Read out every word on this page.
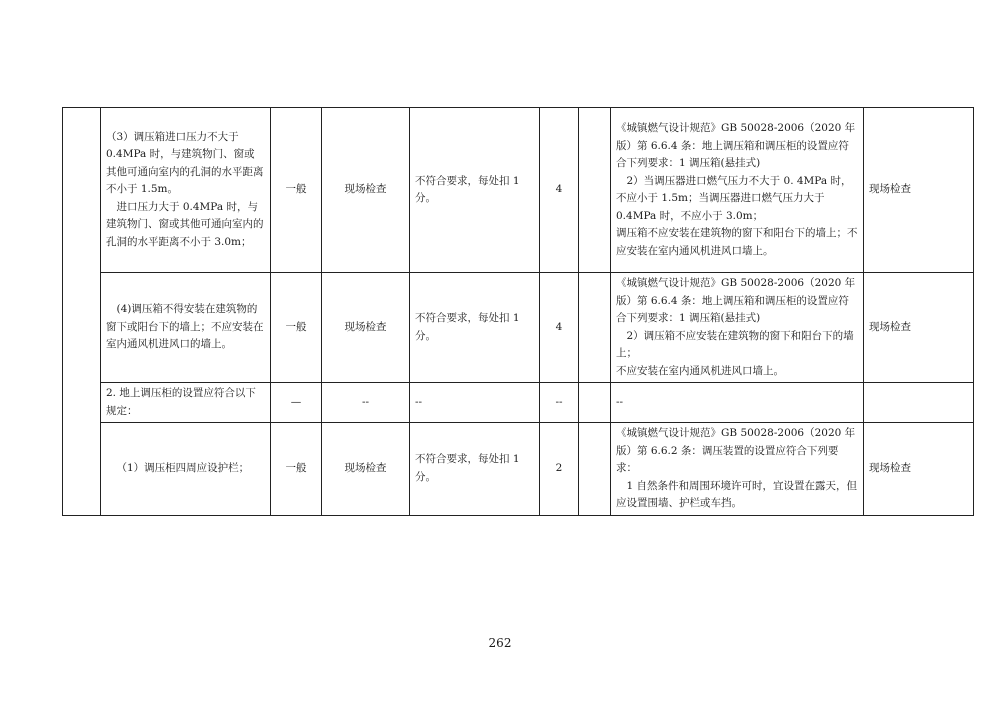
	（3）调压箱进口压力不大于 0.4MPa 时，与建筑物门、窗或其他可通向室内的孔洞的水平距离不小于 1.5m。
进口压力大于 0.4MPa 时，与建筑物门、窗或其他可通向室内的孔洞的水平距离不小于 3.0m；	一般	现场检查	不符合要求，每处扣 1 分。	4		《城镇燃气设计规范》GB 50028-2006（2020 年版）第 6.6.4 条：地上调压箱和调压柜的设置应符合下列要求：1 调压箱(悬挂式)
2）当调压器进口燃气压力不大于 0. 4MPa 时，不应小于 1.5m；当调压器进口燃气压力大于 0.4MPa 时，不应小于 3.0m；
调压箱不应安装在建筑物的窗下和阳台下的墙上；不应安装在室内通风机进风口墙上。	现场检查

	(4)调压箱不得安装在建筑物的窗下或阳台下的墙上；不应安装在室内通风机进风口的墙上。	一般	现场检查	不符合要求，每处扣 1 分。	4		《城镇燃气设计规范》GB 50028-2006（2020 年版）第 6.6.4 条：地上调压箱和调压柜的设置应符合下列要求：1 调压箱(悬挂式)
2）调压箱不应安装在建筑物的窗下和阳台下的墙上；
不应安装在室内通风机进风口墙上。	现场检查

	2. 地上调压柜的设置应符合以下规定：	—	--	--	--		--	

	（1）调压柜四周应设护栏；	一般	现场检查	不符合要求，每处扣 1 分。	2		《城镇燃气设计规范》GB 50028-2006（2020 年版）第 6.6.2 条：调压装置的设置应符合下列要求：
1 自然条件和周围环境许可时，宜设置在露天，但应设置围墙、护栏或车挡。	现场检查
262
